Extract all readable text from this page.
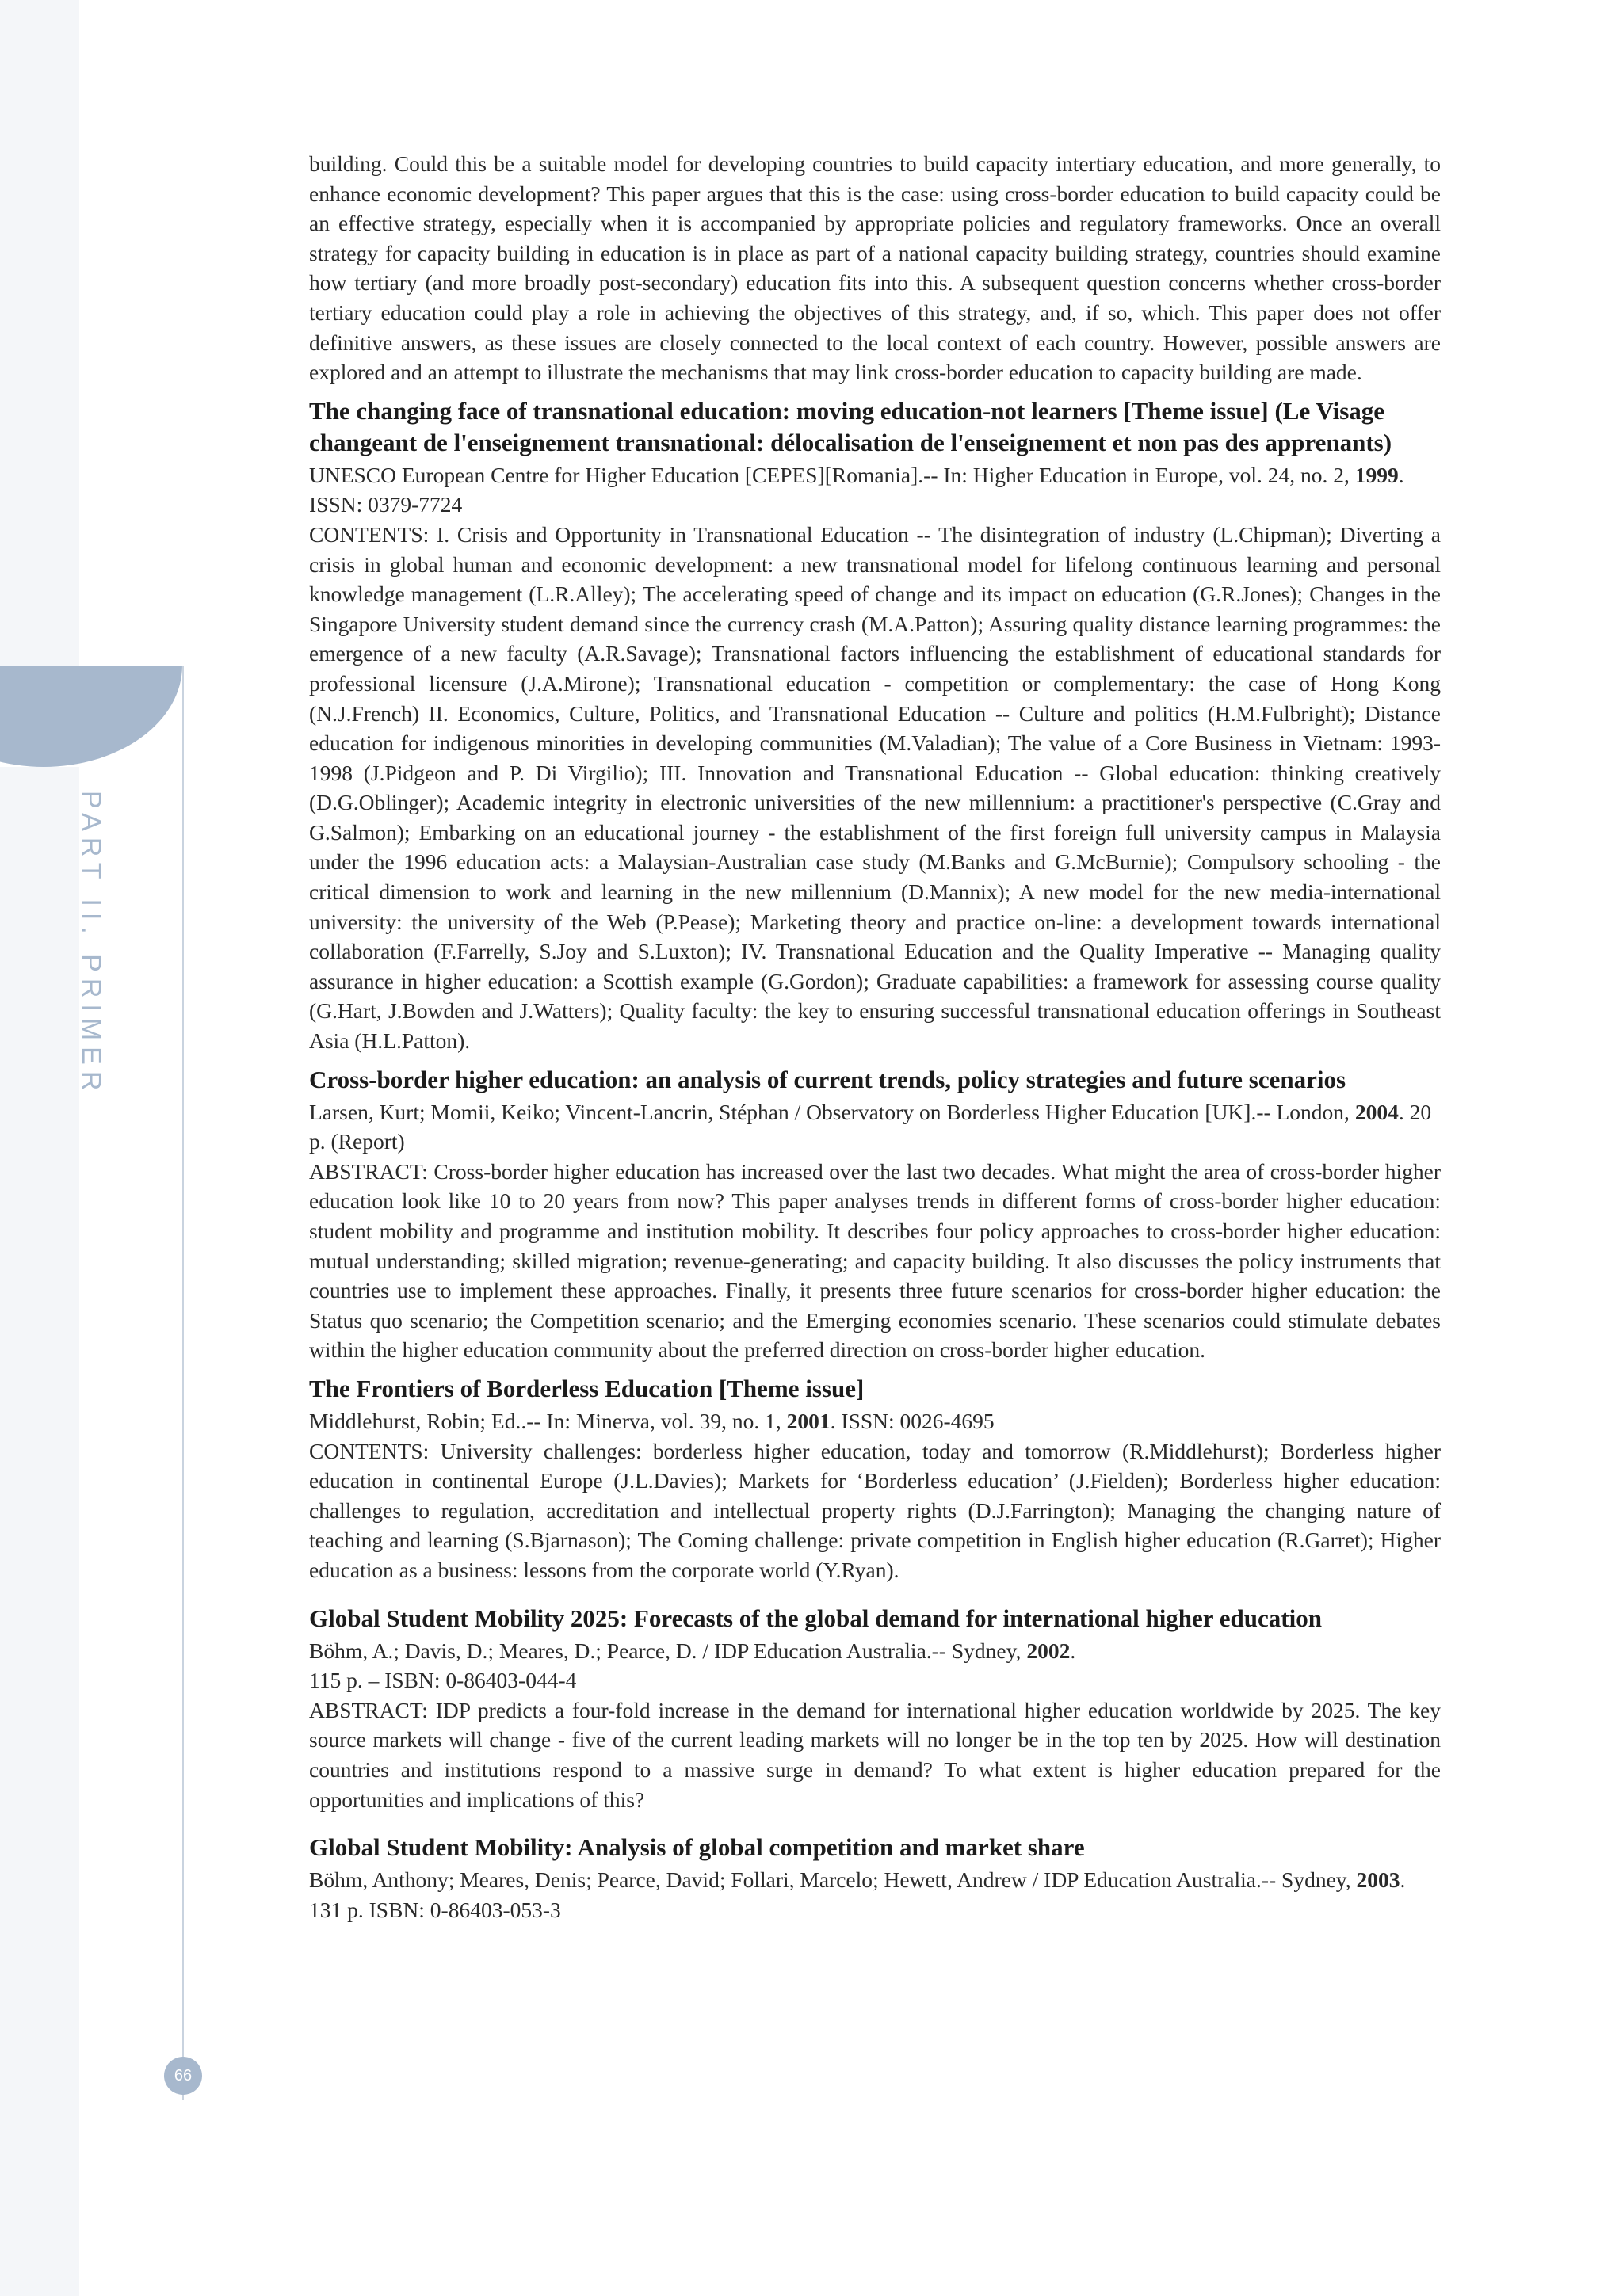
PART II. PRIMER
66

building. Could this be a suitable model for developing countries to build capacity intertiary education, and more generally, to enhance economic development? This paper argues that this is the case: using cross-border education to build capacity could be an effective strategy, especially when it is accompanied by appropriate policies and regulatory frameworks. Once an overall strategy for capacity building in education is in place as part of a national capacity building strategy, countries should examine how tertiary (and more broadly post-secondary) education fits into this. A subsequent question concerns whether cross-border tertiary education could play a role in achieving the objectives of this strategy, and, if so, which. This paper does not offer definitive answers, as these issues are closely connected to the local context of each country. However, possible answers are explored and an attempt to illustrate the mechanisms that may link cross-border education to capacity building are made.

The changing face of transnational education: moving education-not learners [Theme issue] (Le Visage changeant de l'enseignement transnational: délocalisation de l'enseignement et non pas des apprenants)

UNESCO European Centre for Higher Education [CEPES][Romania].-- In: Higher Education in Europe, vol. 24, no. 2, 1999. ISSN: 0379-7724

CONTENTS: I. Crisis and Opportunity in Transnational Education -- The disintegration of industry (L.Chipman); Diverting a crisis in global human and economic development: a new transnational model for lifelong continuous learning and personal knowledge management (L.R.Alley); The accelerating speed of change and its impact on education (G.R.Jones); Changes in the Singapore University student demand since the currency crash (M.A.Patton); Assuring quality distance learning programmes: the emergence of a new faculty (A.R.Savage); Transnational factors influencing the establishment of educational standards for professional licensure (J.A.Mirone); Transnational education - competition or complementary: the case of Hong Kong (N.J.French) II. Economics, Culture, Politics, and Transnational Education -- Culture and politics (H.M.Fulbright); Distance education for indigenous minorities in developing communities (M.Valadian); The value of a Core Business in Vietnam: 1993-1998 (J.Pidgeon and P. Di Virgilio); III. Innovation and Transnational Education -- Global education: thinking creatively (D.G.Oblinger); Academic integrity in electronic universities of the new millennium: a practitioner's perspective (C.Gray and G.Salmon); Embarking on an educational journey - the establishment of the first foreign full university campus in Malaysia under the 1996 education acts: a Malaysian-Australian case study (M.Banks and G.McBurnie); Compulsory schooling - the critical dimension to work and learning in the new millennium (D.Mannix); A new model for the new media-international university: the university of the Web (P.Pease); Marketing theory and practice on-line: a development towards international collaboration (F.Farrelly, S.Joy and S.Luxton); IV. Transnational Education and the Quality Imperative -- Managing quality assurance in higher education: a Scottish example (G.Gordon); Graduate capabilities: a framework for assessing course quality (G.Hart, J.Bowden and J.Watters); Quality faculty: the key to ensuring successful transnational education offerings in Southeast Asia (H.L.Patton).

Cross-border higher education: an analysis of current trends, policy strategies and future scenarios

Larsen, Kurt; Momii, Keiko; Vincent-Lancrin, Stéphan / Observatory on Borderless Higher Education [UK].-- London, 2004. 20 p. (Report)

ABSTRACT: Cross-border higher education has increased over the last two decades. What might the area of cross-border higher education look like 10 to 20 years from now? This paper analyses trends in different forms of cross-border higher education: student mobility and programme and institution mobility. It describes four policy approaches to cross-border higher education: mutual understanding; skilled migration; revenue-generating; and capacity building. It also discusses the policy instruments that countries use to implement these approaches. Finally, it presents three future scenarios for cross-border higher education: the Status quo scenario; the Competition scenario; and the Emerging economies scenario. These scenarios could stimulate debates within the higher education community about the preferred direction on cross-border higher education.

The Frontiers of Borderless Education [Theme issue]

Middlehurst, Robin; Ed..-- In: Minerva, vol. 39, no. 1, 2001. ISSN: 0026-4695

CONTENTS: University challenges: borderless higher education, today and tomorrow (R.Middlehurst); Borderless higher education in continental Europe (J.L.Davies); Markets for ‘Borderless education’ (J.Fielden); Borderless higher education: challenges to regulation, accreditation and intellectual property rights (D.J.Farrington); Managing the changing nature of teaching and learning (S.Bjarnason); The Coming challenge: private competition in English higher education (R.Garret); Higher education as a business: lessons from the corporate world (Y.Ryan).

Global Student Mobility 2025: Forecasts of the global demand for international higher education

Böhm, A.; Davis, D.; Meares, D.; Pearce, D. / IDP Education Australia.-- Sydney, 2002.

115 p. – ISBN: 0-86403-044-4

ABSTRACT: IDP predicts a four-fold increase in the demand for international higher education worldwide by 2025. The key source markets will change - five of the current leading markets will no longer be in the top ten by 2025. How will destination countries and institutions respond to a massive surge in demand? To what extent is higher education prepared for the opportunities and implications of this?

Global Student Mobility: Analysis of global competition and market share

Böhm, Anthony; Meares, Denis; Pearce, David; Follari, Marcelo; Hewett, Andrew / IDP Education Australia.-- Sydney, 2003. 131 p. ISBN: 0-86403-053-3
